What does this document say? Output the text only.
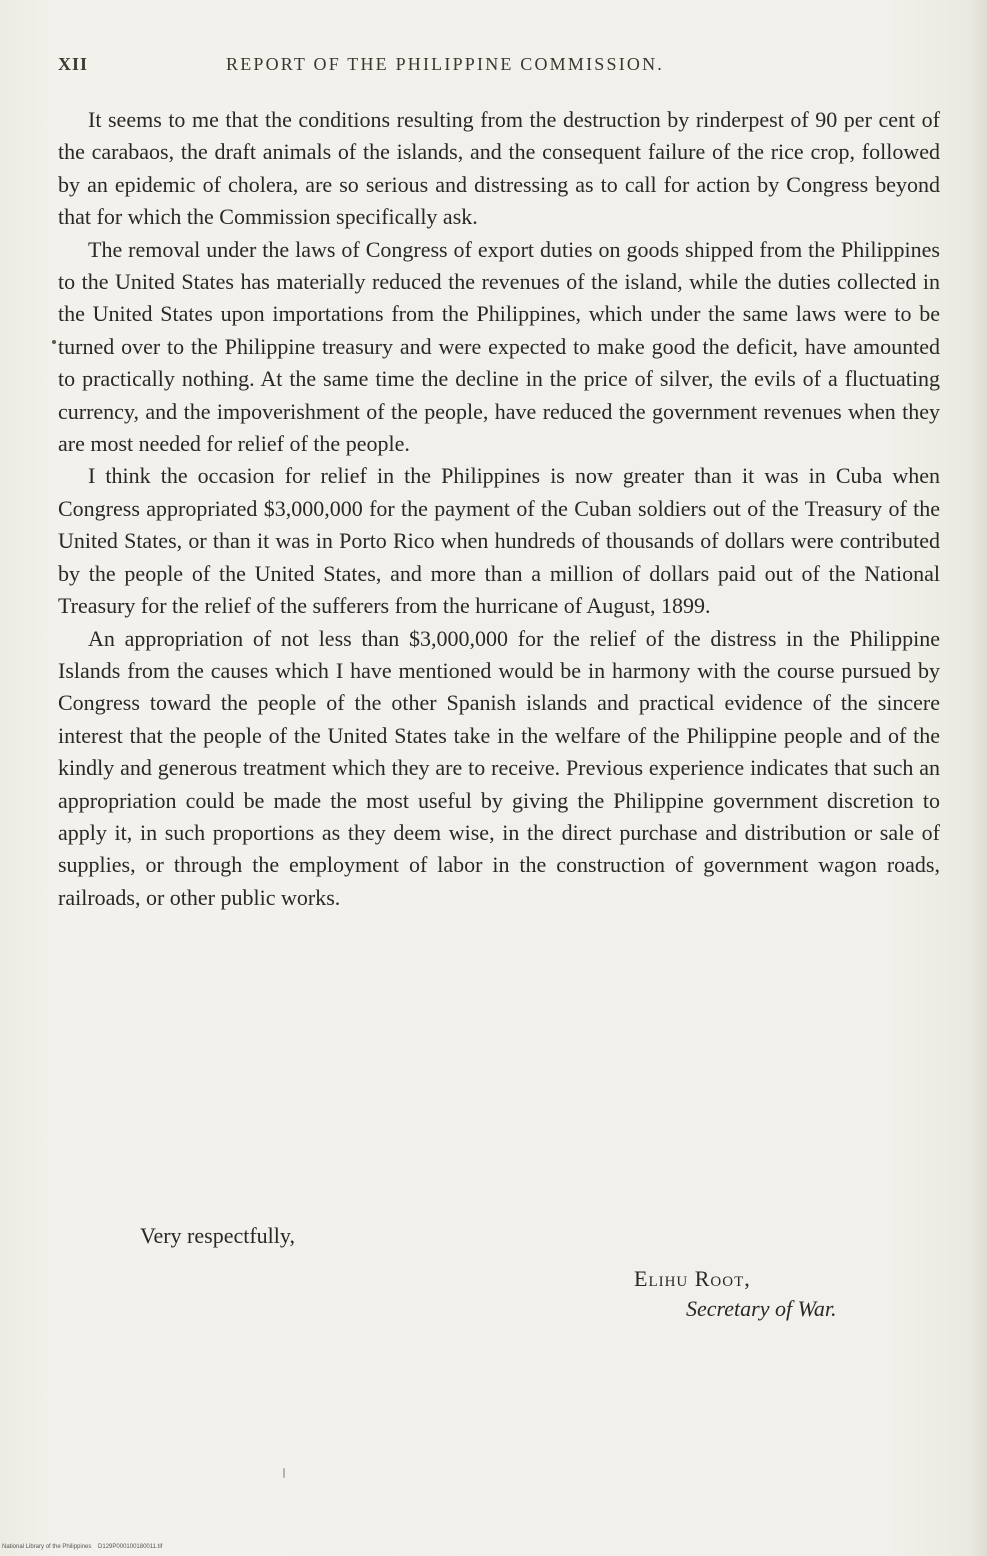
XII	REPORT OF THE PHILIPPINE COMMISSION.

It seems to me that the conditions resulting from the destruction by rinderpest of 90 per cent of the carabaos, the draft animals of the islands, and the consequent failure of the rice crop, followed by an epidemic of cholera, are so serious and distressing as to call for action by Congress beyond that for which the Commission specifically ask.

The removal under the laws of Congress of export duties on goods shipped from the Philippines to the United States has materially reduced the revenues of the island, while the duties collected in the United States upon importations from the Philippines, which under the same laws were to be turned over to the Philippine treasury and were expected to make good the deficit, have amounted to practically nothing. At the same time the decline in the price of silver, the evils of a fluctuating currency, and the impoverishment of the people, have reduced the government revenues when they are most needed for relief of the people.

I think the occasion for relief in the Philippines is now greater than it was in Cuba when Congress appropriated $3,000,000 for the payment of the Cuban soldiers out of the Treasury of the United States, or than it was in Porto Rico when hundreds of thousands of dollars were contributed by the people of the United States, and more than a million of dollars paid out of the National Treasury for the relief of the sufferers from the hurricane of August, 1899.

An appropriation of not less than $3,000,000 for the relief of the distress in the Philippine Islands from the causes which I have mentioned would be in harmony with the course pursued by Congress toward the people of the other Spanish islands and practical evidence of the sincere interest that the people of the United States take in the welfare of the Philippine people and of the kindly and generous treatment which they are to receive. Previous experience indicates that such an appropriation could be made the most useful by giving the Philippine government discretion to apply it, in such proportions as they deem wise, in the direct purchase and distribution or sale of supplies, or through the employment of labor in the construction of government wagon roads, railroads, or other public works.

Very respectfully,
Elihu Root,
Secretary of War.
National Library of the Philippines    D129P000100180011.tif
